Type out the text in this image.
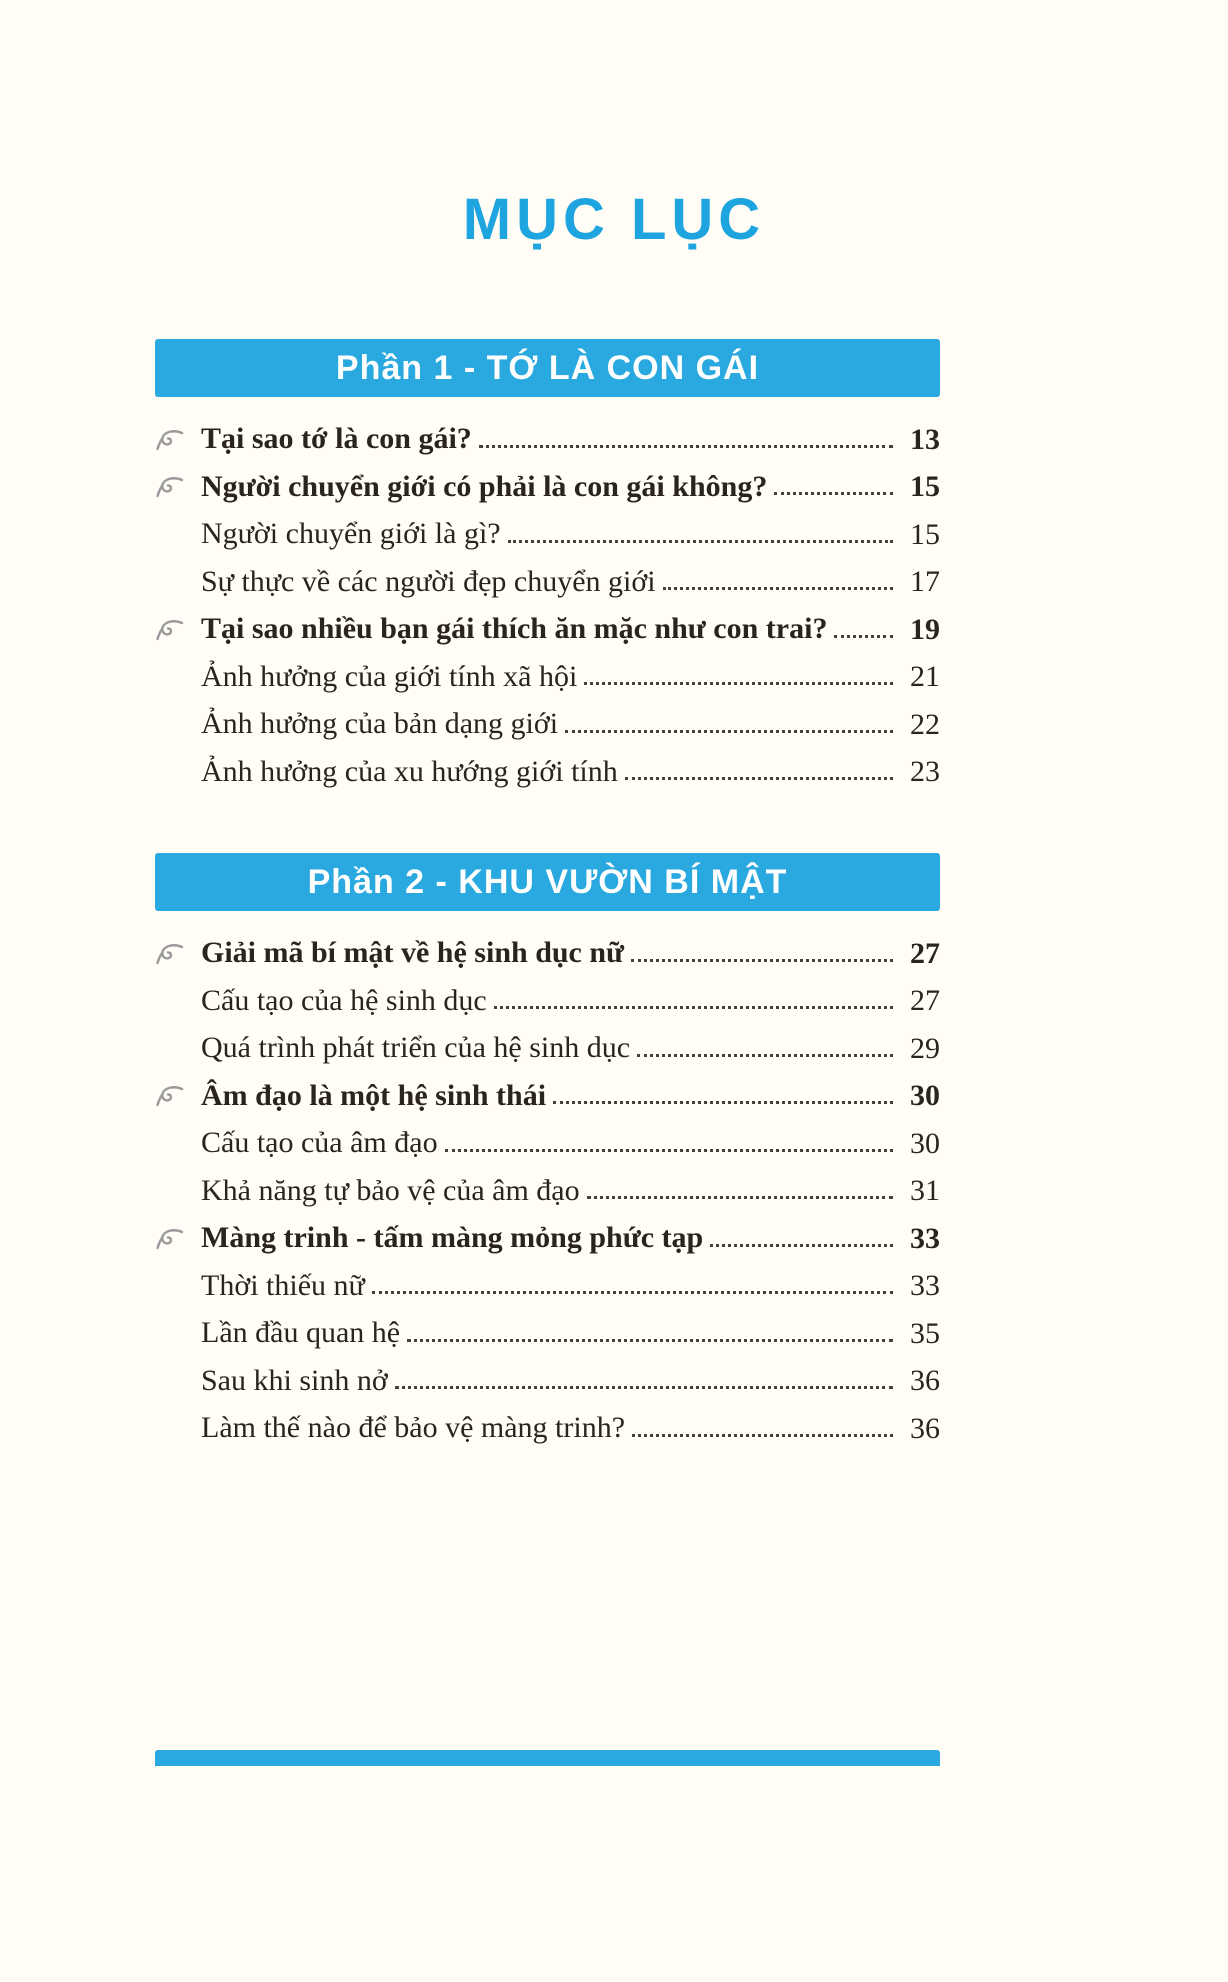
MỤC LỤC
Phần 1 - TỚ LÀ CON GÁI
Tại sao tớ là con gái?	13
Người chuyển giới có phải là con gái không?	15
Người chuyển giới là gì?	15
Sự thực về các người đẹp chuyển giới	17
Tại sao nhiều bạn gái thích ăn mặc như con trai?	19
Ảnh hưởng của giới tính xã hội	21
Ảnh hưởng của bản dạng giới	22
Ảnh hưởng của xu hướng giới tính	23
Phần 2 - KHU VƯỜN BÍ MẬT
Giải mã bí mật về hệ sinh dục nữ	27
Cấu tạo của hệ sinh dục	27
Quá trình phát triển của hệ sinh dục	29
Âm đạo là một hệ sinh thái	30
Cấu tạo của âm đạo	30
Khả năng tự bảo vệ của âm đạo	31
Màng trinh - tấm màng mỏng phức tạp	33
Thời thiếu nữ	33
Lần đầu quan hệ	35
Sau khi sinh nở	36
Làm thế nào để bảo vệ màng trinh?	36
